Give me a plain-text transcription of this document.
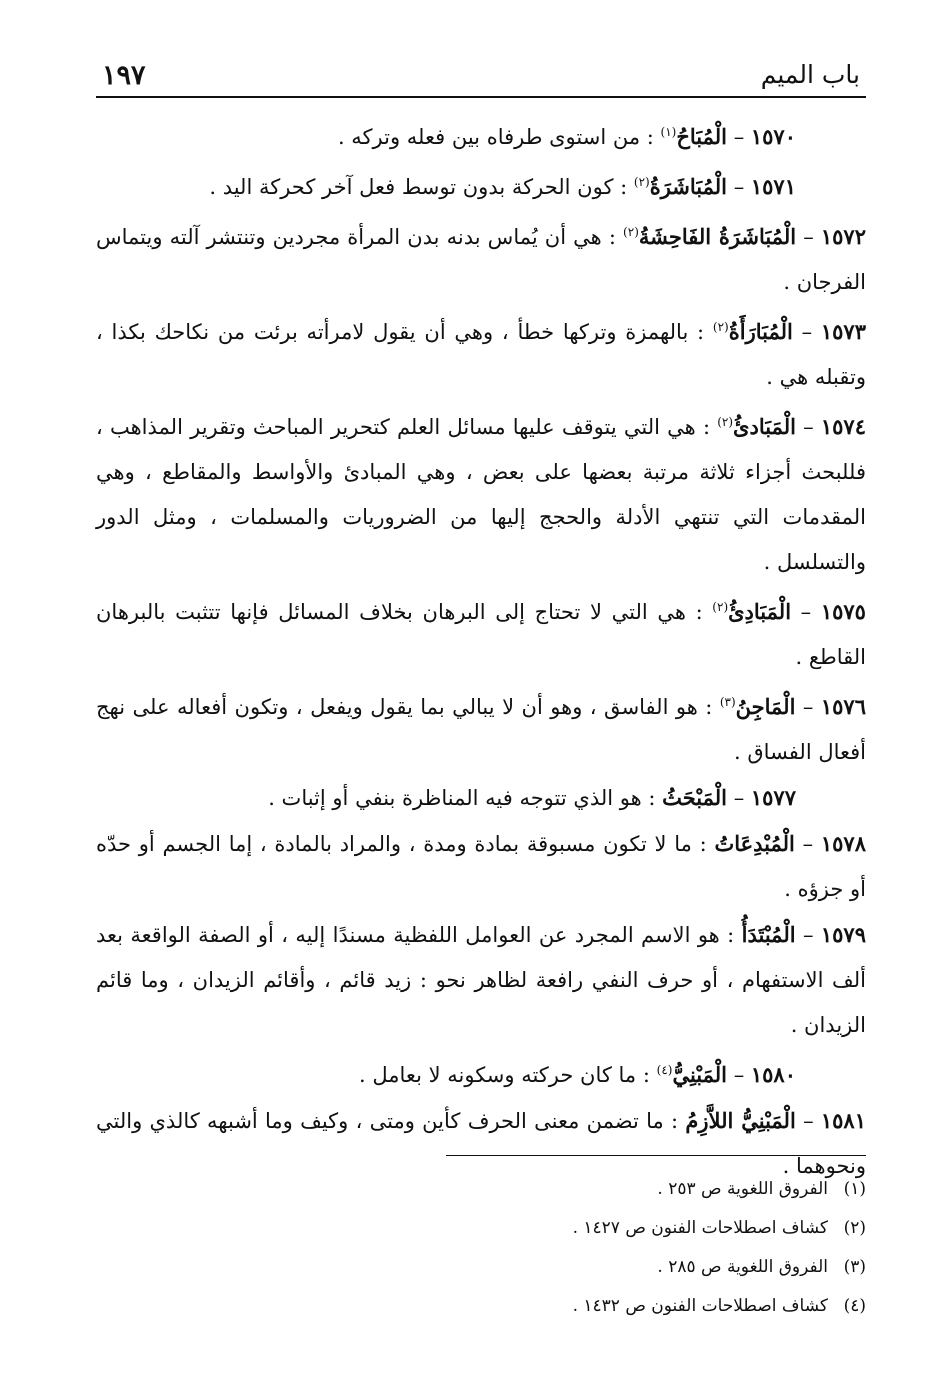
١٩٧	باب الميم

١٥٧٠ – الْمُبَاحُ$^{(١)}$ : من استوى طرفاه بين فعله وتركه .

١٥٧١ – الْمُبَاشَرَةُ$^{(٢)}$ : كون الحركة بدون توسط فعل آخر كحركة اليد .

١٥٧٢ – الْمُبَاشَرَةُ الفَاحِشَةُ$^{(٢)}$ : هي أن يُماس بدنه بدن المرأة مجردين وتنتشر آلته ويتماس الفرجان .

١٥٧٣ – الْمُبَارَأَةُ$^{(٢)}$ : بالهمزة وتركها خطأ ، وهي أن يقول لامرأته برئت من نكاحك بكذا ، وتقبله هي .

١٥٧٤ – الْمَبَادئُ$^{(٢)}$ : هي التي يتوقف عليها مسائل العلم كتحرير المباحث وتقرير المذاهب ، فللبحث أجزاء ثلاثة مرتبة بعضها على بعض ، وهي المبادئ والأواسط والمقاطع ، وهي المقدمات التي تنتهي الأدلة والحجج إليها من الضروريات والمسلمات ، ومثل الدور والتسلسل .

١٥٧٥ – الْمَبَادِئُ$^{(٢)}$ : هي التي لا تحتاج إلى البرهان بخلاف المسائل فإنها تتثبت بالبرهان القاطع .

١٥٧٦ – الْمَاجِنُ$^{(٣)}$ : هو الفاسق ، وهو أن لا يبالي بما يقول ويفعل ، وتكون أفعاله على نهج أفعال الفساق .

١٥٧٧ – الْمَبْحَثُ : هو الذي تتوجه فيه المناظرة بنفي أو إثبات .

١٥٧٨ – الْمُبْدِعَاتُ : ما لا تكون مسبوقة بمادة ومدة ، والمراد بالمادة ، إما الجسم أو حدّه أو جزؤه .

١٥٧٩ – الْمُبْتَدَأُ : هو الاسم المجرد عن العوامل اللفظية مسندًا إليه ، أو الصفة الواقعة بعد ألف الاستفهام ، أو حرف النفي رافعة لظاهر نحو : زيد قائم ، وأقائم الزيدان ، وما قائم الزيدان .

١٥٨٠ – الْمَبْنِيُّ$^{(٤)}$ : ما كان حركته وسكونه لا بعامل .

١٥٨١ – الْمَبْنِيُّ اللاَّزِمُ : ما تضمن معنى الحرف كأين ومتى ، وكيف وما أشبهه كالذي والتي ونحوهما .

(١)الفروق اللغوية ص ٢٥٣ .

(٢)كشاف اصطلاحات الفنون ص ١٤٢٧ .

(٣)الفروق اللغوية ص ٢٨٥ .

(٤)كشاف اصطلاحات الفنون ص ١٤٣٢ .
